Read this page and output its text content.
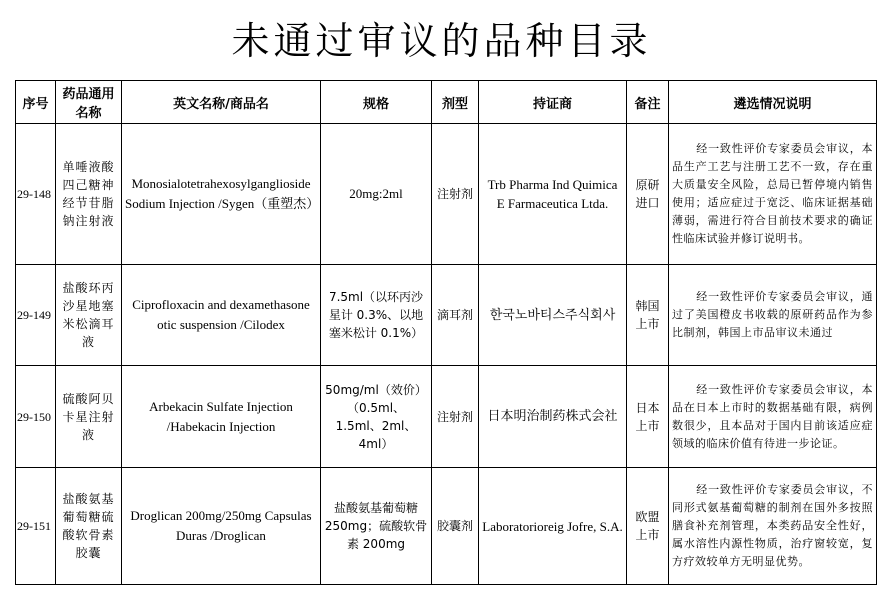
未通过审议的品种目录
序号	药品通用名称	英文名称/商品名	规格	剂型	持证商	备注	遴选情况说明
29-148	单唾液酸四己糖神经节苷脂钠注射液	Monosialotetrahexosylganglioside Sodium Injection /Sygen（重塑杰）	20mg:2ml	注射剂	Trb Pharma Ind Quimica E Farmaceutica Ltda.	原研进口	经一致性评价专家委员会审议，本品生产工艺与注册工艺不一致，存在重大质量安全风险，总局已暂停境内销售使用；适应症过于宽泛、临床证据基础薄弱，需进行符合目前技术要求的确证性临床试验并修订说明书。
29-149	盐酸环丙沙星地塞米松滴耳液	Ciprofloxacin and dexamethasone otic suspension /Cilodex	7.5ml（以环丙沙星计 0.3%、以地塞米松计 0.1%）	滴耳剂	한국노바티스주식회사	韩国上市	经一致性评价专家委员会审议，通过了美国橙皮书收载的原研药品作为参比制剂，韩国上市品审议未通过
29-150	硫酸阿贝卡星注射液	Arbekacin Sulfate Injection /Habekacin Injection	50mg/ml（效价）（0.5ml、1.5ml、2ml、4ml）	注射剂	日本明治制药株式会社	日本上市	经一致性评价专家委员会审议，本品在日本上市时的数据基础有限，病例数很少，且本品对于国内目前该适应症领域的临床价值有待进一步论证。
29-151	盐酸氨基葡萄糖硫酸软骨素胶囊	Droglican 200mg/250mg Capsulas Duras /Droglican	盐酸氨基葡萄糖 250mg；硫酸软骨素 200mg	胶囊剂	Laboratorioreig Jofre, S.A.	欧盟上市	经一致性评价专家委员会审议，不同形式氨基葡萄糖的制剂在国外多按照膳食补充剂管理，本类药品安全性好，属水溶性内源性物质，治疗窗较宽，复方疗效较单方无明显优势。
